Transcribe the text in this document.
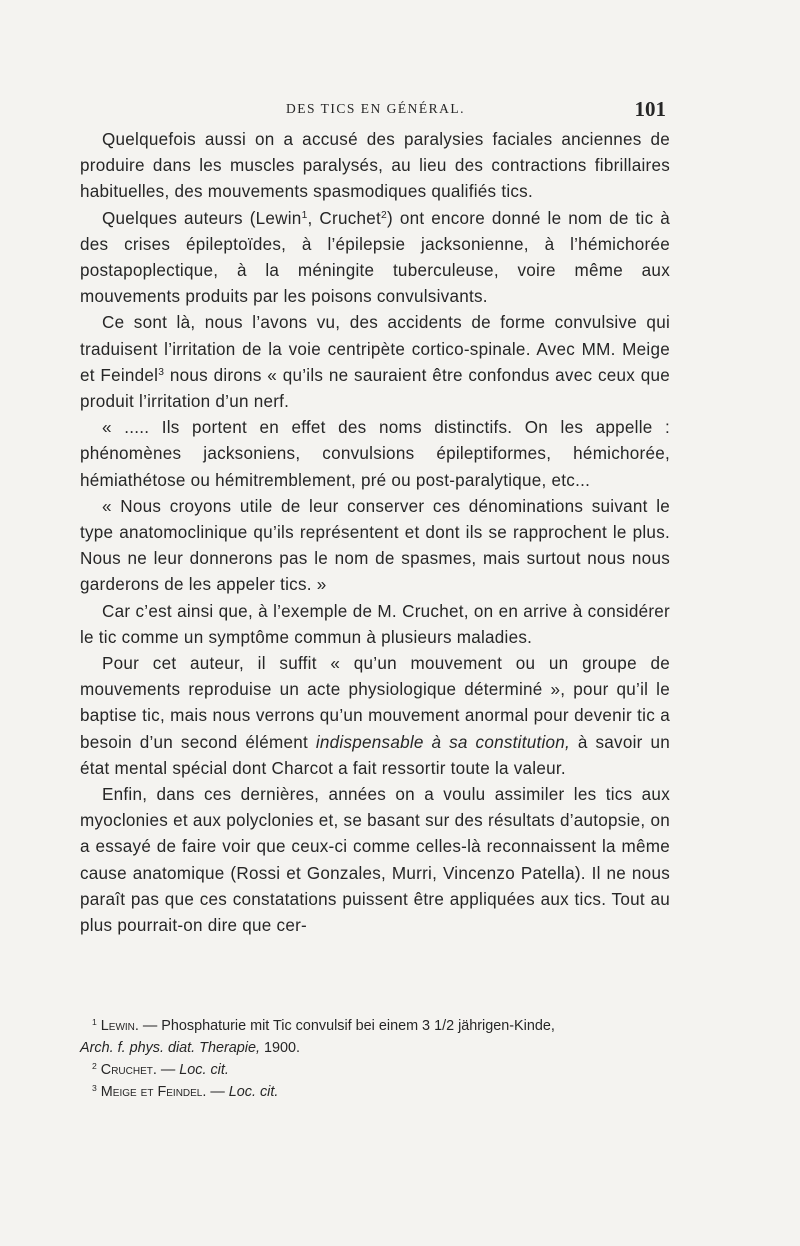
DES TICS EN GÉNÉRAL.	101

Quelquefois aussi on a accusé des paralysies faciales anciennes de produire dans les muscles paralysés, au lieu des contractions fibrillaires habituelles, des mouvements spasmodiques qualifiés tics.

Quelques auteurs (Lewin$^1$, Cruchet$^2$) ont encore donné le nom de tic à des crises épileptoïdes, à l’épilepsie jacksonienne, à l’hémichorée postapoplectique, à la méningite tuberculeuse, voire même aux mouvements produits par les poisons convulsivants.

Ce sont là, nous l’avons vu, des accidents de forme convulsive qui traduisent l’irritation de la voie centripète cortico-spinale. Avec MM. Meige et Feindel$^3$ nous dirons « qu’ils ne sauraient être confondus avec ceux que produit l’irritation d’un nerf.

« ..... Ils portent en effet des noms distinctifs. On les appelle : phénomènes jacksoniens, convulsions épileptiformes, hémichorée, hémiathétose ou hémitremblement, pré ou post-paralytique, etc...

« Nous croyons utile de leur conserver ces dénominations suivant le type anatomoclinique qu’ils représentent et dont ils se rapprochent le plus. Nous ne leur donnerons pas le nom de spasmes, mais surtout nous nous garderons de les appeler tics. »

Car c’est ainsi que, à l’exemple de M. Cruchet, on en arrive à considérer le tic comme un symptôme commun à plusieurs maladies.

Pour cet auteur, il suffit « qu’un mouvement ou un groupe de mouvements reproduise un acte physiologique déterminé », pour qu’il le baptise tic, mais nous verrons qu’un mouvement anormal pour devenir tic a besoin d’un second élément indispensable à sa constitution, à savoir un état mental spécial dont Charcot a fait ressortir toute la valeur.

Enfin, dans ces dernières, années on a voulu assimiler les tics aux myoclonies et aux polyclonies et, se basant sur des résultats d’autopsie, on a essayé de faire voir que ceux-ci comme celles-là reconnaissent la même cause anatomique (Rossi et Gonzales, Murri, Vincenzo Patella). Il ne nous paraît pas que ces constatations puissent être appliquées aux tics. Tout au plus pourrait-on dire que cer-

$^1$ Lewin. — Phosphaturie mit Tic convulsif bei einem 3 1/2 jährigen-Kinde,
Arch. f. phys. diat. Therapie, 1900.

$^2$ Cruchet. — Loc. cit.

$^3$ Meige et Feindel. — Loc. cit.
